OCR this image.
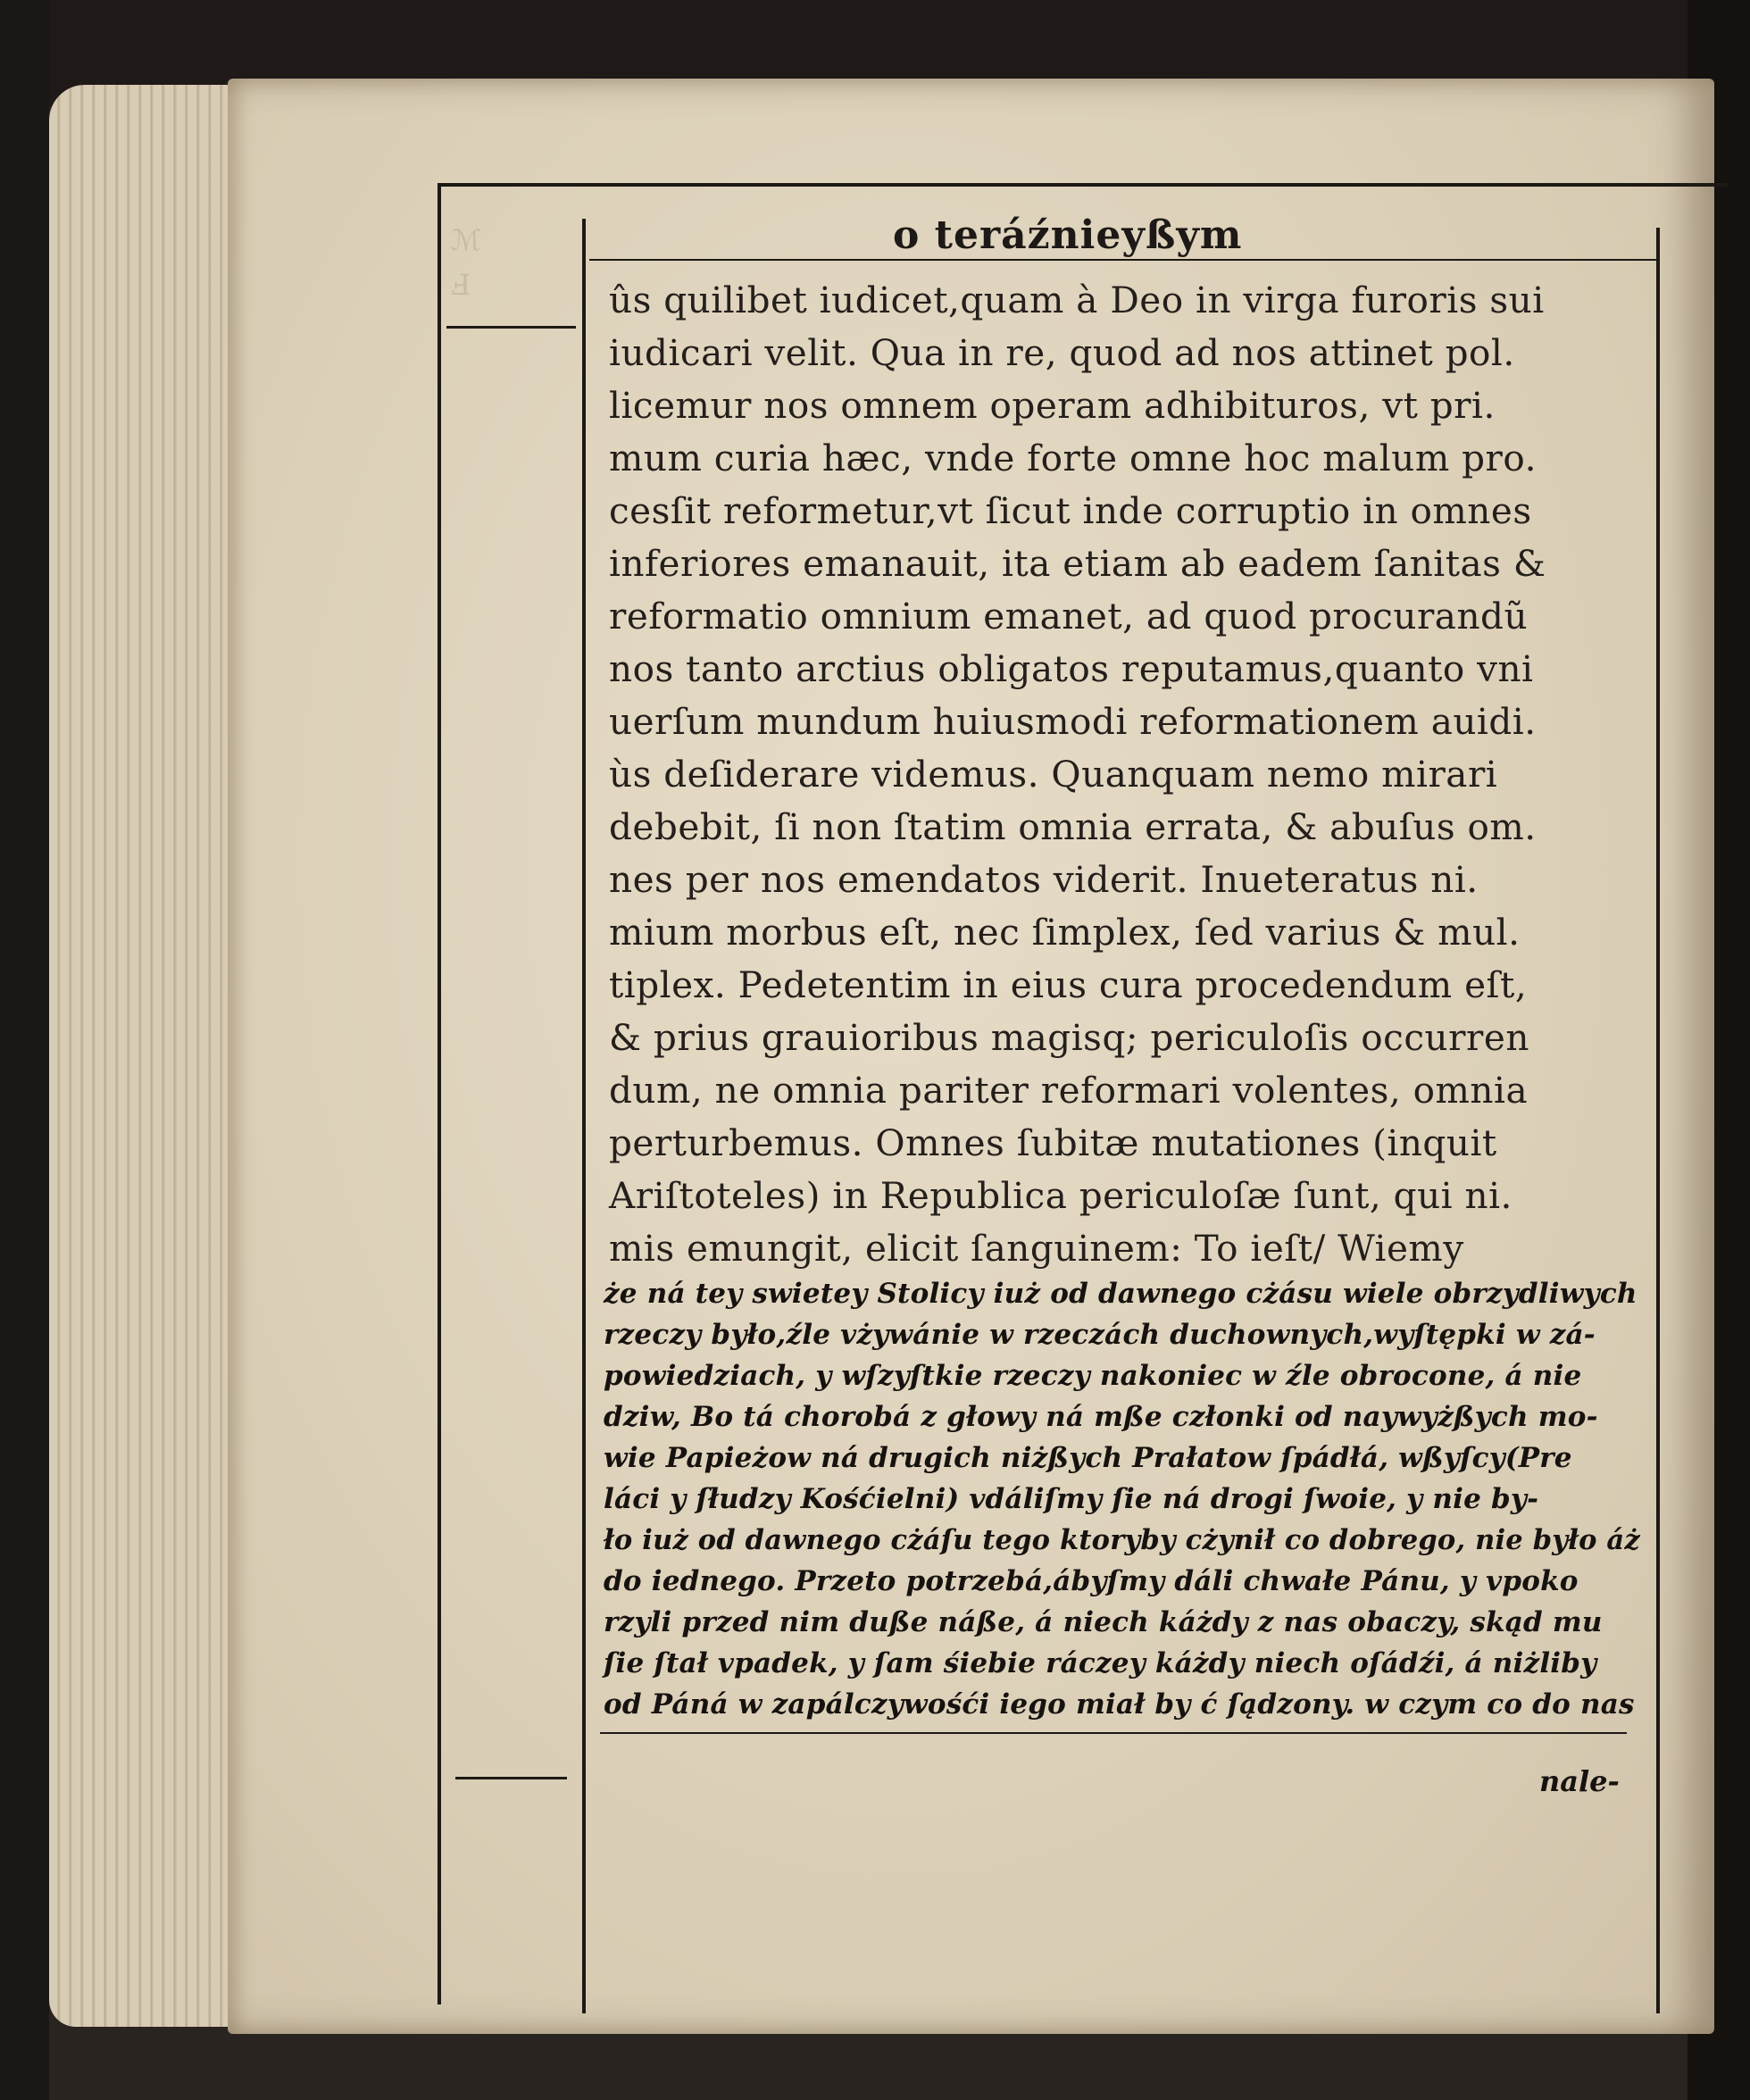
ℳ
Ⅎ
o teráźnieyßym
ûs quilibet iudicet,quam à Deo in virga furoris sui
iudicari velit. Qua in re, quod ad nos attinet pol.
licemur nos omnem operam adhibituros, vt pri.
mum curia hæc, vnde forte omne hoc malum pro.
cesſit reformetur,vt ſicut inde corruptio in omnes
inferiores emanauit, ita etiam ab eadem ſanitas &
reformatio omnium emanet, ad quod procurandũ
nos tanto arctius obligatos reputamus,quanto vni
uerſum mundum huiusmodi reformationem auidi.
ùs deſiderare videmus. Quanquam nemo mirari
debebit, ſi non ſtatim omnia errata, & abuſus om.
nes per nos emendatos viderit. Inueteratus ni.
mium morbus eſt, nec ſimplex, ſed varius & mul.
tiplex. Pedetentim in eius cura procedendum eſt,
& prius grauioribus magisq; periculoſis occurren
dum, ne omnia pariter reformari volentes, omnia
perturbemus. Omnes ſubitæ mutationes (inquit
Ariſtoteles) in Republica periculoſæ ſunt, qui ni.
mis emungit, elicit ſanguinem: To ieſt/ Wiemy
że ná tey swietey Stolicy iuż od dawnego cżásu wiele obrzydliwych
rzeczy było,źle vżywánie w rzeczách duchownych,wyſtępki w zá-
powiedziach, y wſzyſtkie rzeczy nakoniec w źle obrocone, á nie
dziw, Bo tá chorobá z głowy ná mße członki od naywyżßych mo-
wie Papieżow ná drugich niżßych Prałatow ſpádłá, wßyſcy(Pre
láci y ſłudzy Kośćielni) vdáliſmy ſie ná drogi ſwoie, y nie by-
ło iuż od dawnego cżáſu tego ktoryby cżynił co dobrego, nie było áż
do iednego. Przeto potrzebá,ábyſmy dáli chwałe Pánu, y vpoko
rzyli przed nim duße náße, á niech káżdy z nas obaczy, skąd mu
ſie ſtał vpadek, y ſam śiebie ráczey káżdy niech oſádźi, á niżliby
od Páná w zapálczywośći iego miał by ć ſądzony. w czym co do nas
nale-
